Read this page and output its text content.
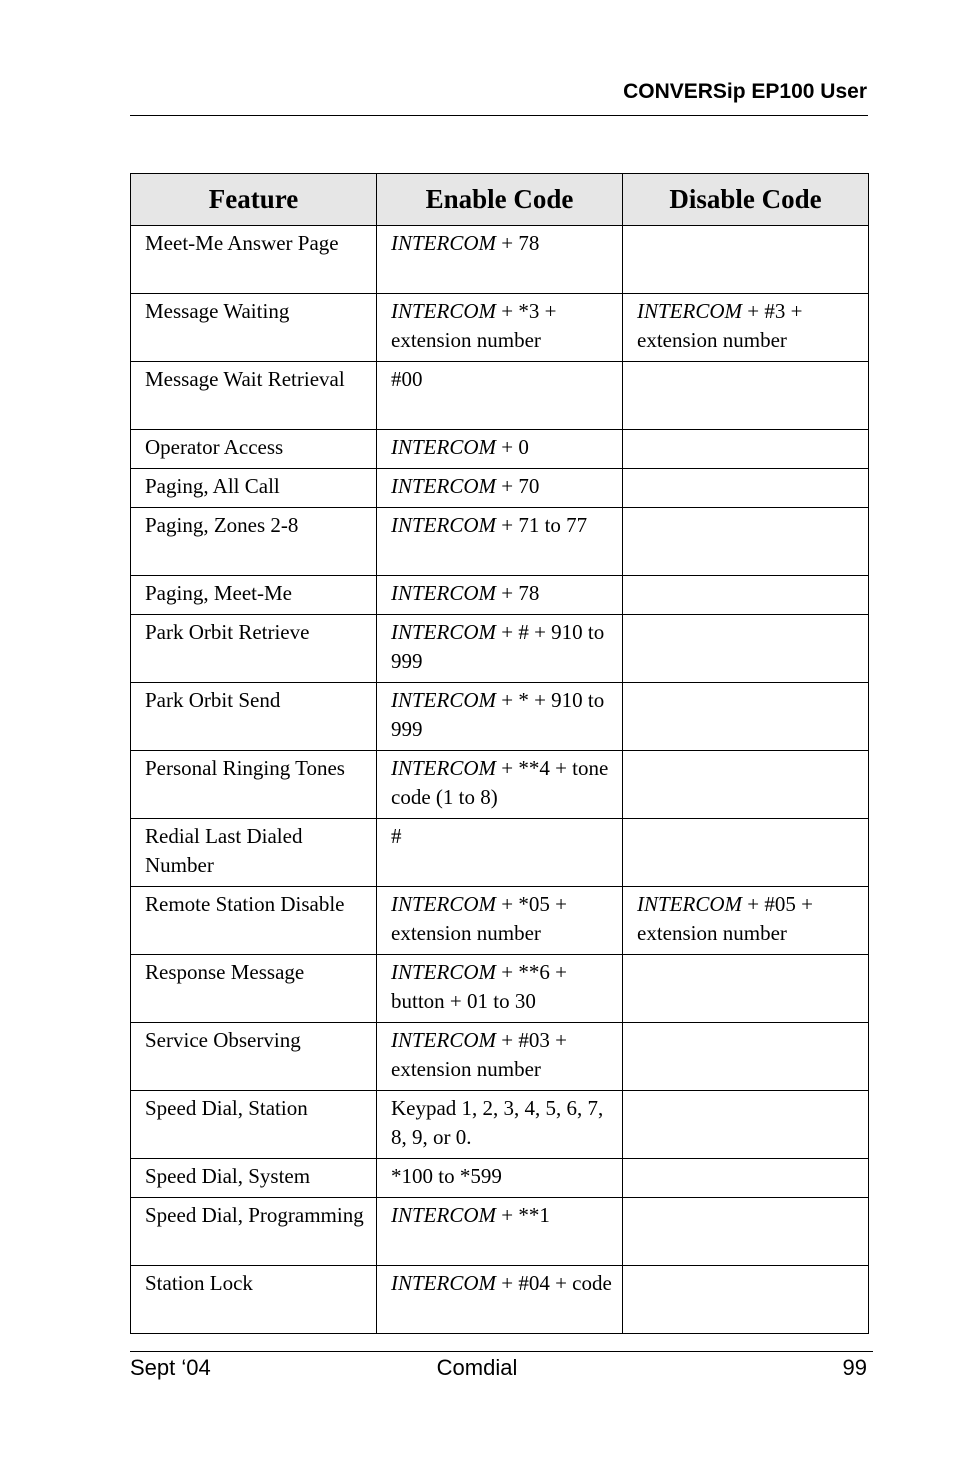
CONVERSip EP100 User
Feature	Enable Code	Disable Code
Meet-Me Answer Page	INTERCOM + 78	
Message Waiting	INTERCOM + *3 + extension number	INTERCOM + #3 + extension number
Message Wait Retrieval	#00	
Operator Access	INTERCOM + 0	
Paging, All Call	INTERCOM + 70	
Paging, Zones 2-8	INTERCOM + 71 to 77	
Paging, Meet-Me	INTERCOM + 78	
Park Orbit Retrieve	INTERCOM + # + 910 to 999	
Park Orbit Send	INTERCOM + * + 910 to 999	
Personal Ringing Tones	INTERCOM + **4 + tone code (1 to 8)	
Redial Last Dialed Number	#	
Remote Station Disable	INTERCOM + *05 + extension number	INTERCOM + #05 + extension number
Response Message	INTERCOM + **6 + button + 01 to 30	
Service Observing	INTERCOM + #03 + extension number	
Speed Dial, Station	Keypad 1, 2, 3, 4, 5, 6, 7, 8, 9, or 0.	
Speed Dial, System	*100 to *599	
Speed Dial, Programming	INTERCOM + **1	
Station Lock	INTERCOM + #04 + code	
Sept ‘04	Comdial	99
